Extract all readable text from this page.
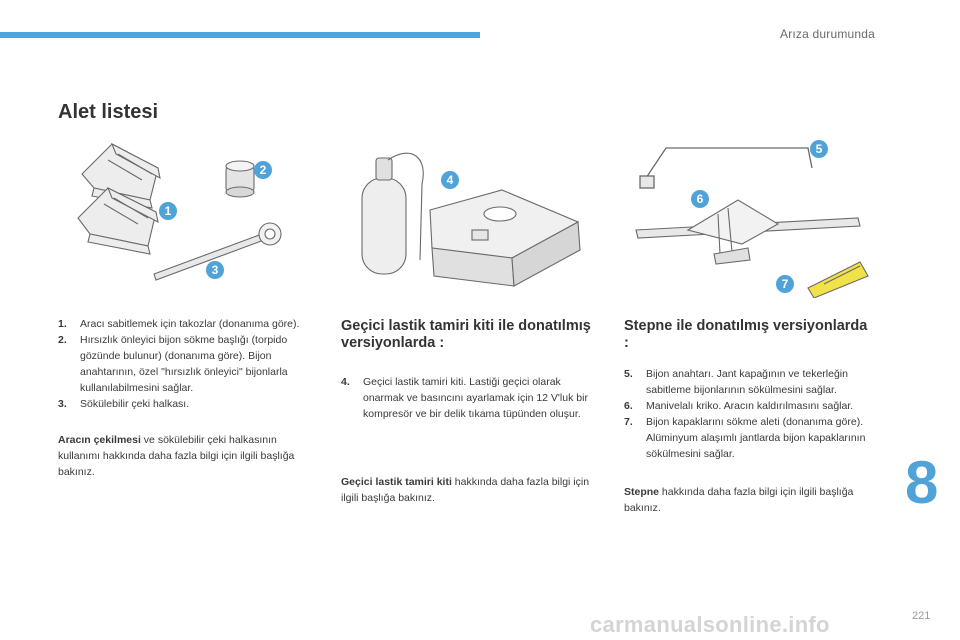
Arıza durumunda
Alet listesi
1
2
3
4
5
6
7
1. Aracı sabitlemek için takozlar (donanıma göre).
2. Hırsızlık önleyici bijon sökme başlığı (torpido gözünde bulunur) (donanıma göre). Bijon anahtarının, özel "hırsızlık önleyici" bijonlarla kullanılabilmesini sağlar.
3. Sökülebilir çeki halkası.
Aracın çekilmesi ve sökülebilir çeki halkasının kullanımı hakkında daha fazla bilgi için ilgili başlığa bakınız.
Geçici lastik tamiri kiti ile donatılmış versiyonlarda :
4. Geçici lastik tamiri kiti. Lastiği geçici olarak onarmak ve basıncını ayarlamak için 12 V'luk bir kompresör ve bir delik tıkama tüpünden oluşur.
Geçici lastik tamiri kiti hakkında daha fazla bilgi için ilgili başlığa bakınız.
Stepne ile donatılmış versiyonlarda :
5. Bijon anahtarı. Jant kapağının ve tekerleğin sabitleme bijonlarının sökülmesini sağlar.
6. Manivelalı kriko. Aracın kaldırılmasını sağlar.
7. Bijon kapaklarını sökme aleti (donanıma göre). Alüminyum alaşımlı jantlarda bijon kapaklarının sökülmesini sağlar.
Stepne hakkında daha fazla bilgi için ilgili başlığa bakınız.	8
carmanualsonline.info	221
